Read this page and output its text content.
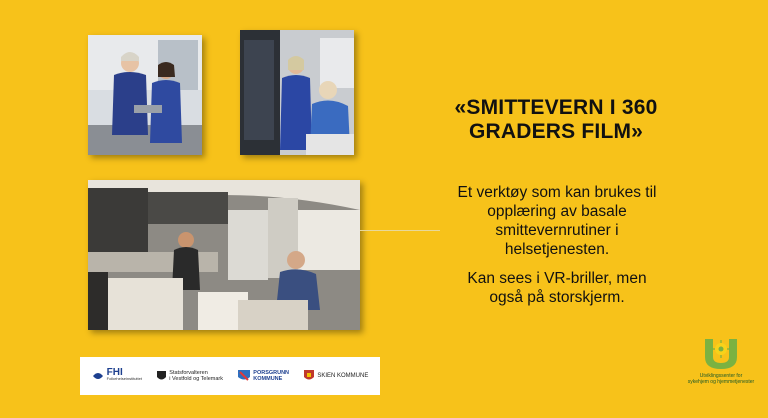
«SMITTEVERN I 360 GRADERS FILM»

Et verktøy som kan brukes til opplæring av basale smittevernrutiner i helsetjenesten.

Kan sees i VR-briller, men også på storskjerm.

FHI
Folkehelseinstituttet
Statsforvalteren
i Vestfold og Telemark
PORSGRUNN
KOMMUNE	SKIEN KOMMUNE	Utviklingssenter for
sykehjem og hjemmetjenester
